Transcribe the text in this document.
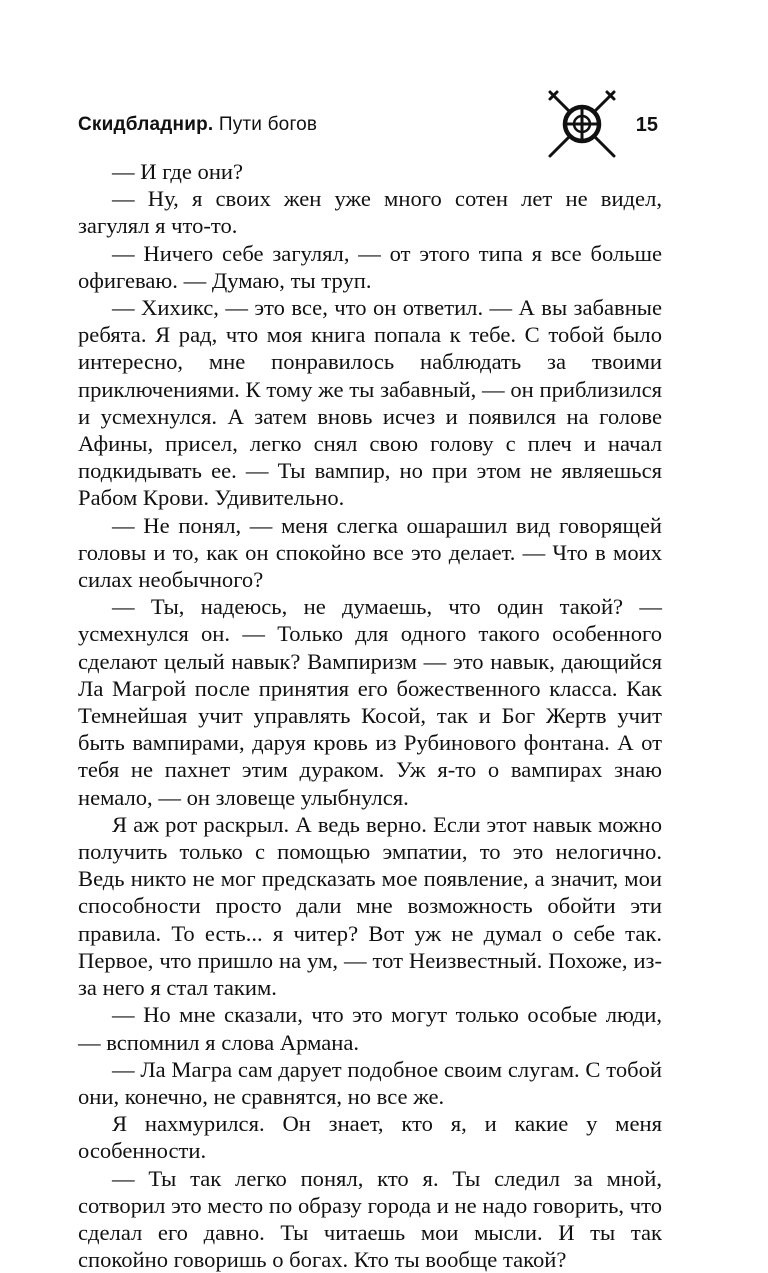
Скидбладнир. Пути богов	15

— И где они?

— Ну, я своих жен уже много сотен лет не видел, загулял я что-то.

— Ничего себе загулял, — от этого типа я все больше офигеваю. — Думаю, ты труп.

— Хихикс, — это все, что он ответил. — А вы забавные ребята. Я рад, что моя книга попала к тебе. С тобой было интересно, мне понравилось наблюдать за твоими приключениями. К тому же ты забавный, — он приблизился и усмехнулся. А затем вновь исчез и появился на голове Афины, присел, легко снял свою голову с плеч и начал подкидывать ее. — Ты вампир, но при этом не являешься Рабом Крови. Удивительно.

— Не понял, — меня слегка ошарашил вид говорящей головы и то, как он спокойно все это делает. — Что в моих силах необычного?

— Ты, надеюсь, не думаешь, что один такой? — усмехнулся он. — Только для одного такого особенного сделают целый навык? Вампиризм — это навык, дающийся Ла Магрой после принятия его божественного класса. Как Темнейшая учит управлять Косой, так и Бог Жертв учит быть вампирами, даруя кровь из Рубинового фонтана. А от тебя не пахнет этим дураком. Уж я-то о вампирах знаю немало, — он зловеще улыбнулся.

Я аж рот раскрыл. А ведь верно. Если этот навык можно получить только с помощью эмпатии, то это нелогично. Ведь никто не мог предсказать мое появление, а значит, мои способности просто дали мне возможность обойти эти правила. То есть... я читер? Вот уж не думал о себе так. Первое, что пришло на ум, — тот Неизвестный. Похоже, из-за него я стал таким.

— Но мне сказали, что это могут только особые люди, — вспомнил я слова Армана.

— Ла Магра сам дарует подобное своим слугам. С тобой они, конечно, не сравнятся, но все же.

Я нахмурился. Он знает, кто я, и какие у меня особенности.

— Ты так легко понял, кто я. Ты следил за мной, сотворил это место по образу города и не надо говорить, что сделал его давно. Ты читаешь мои мысли. И ты так спокойно говоришь о богах. Кто ты вообще такой?
